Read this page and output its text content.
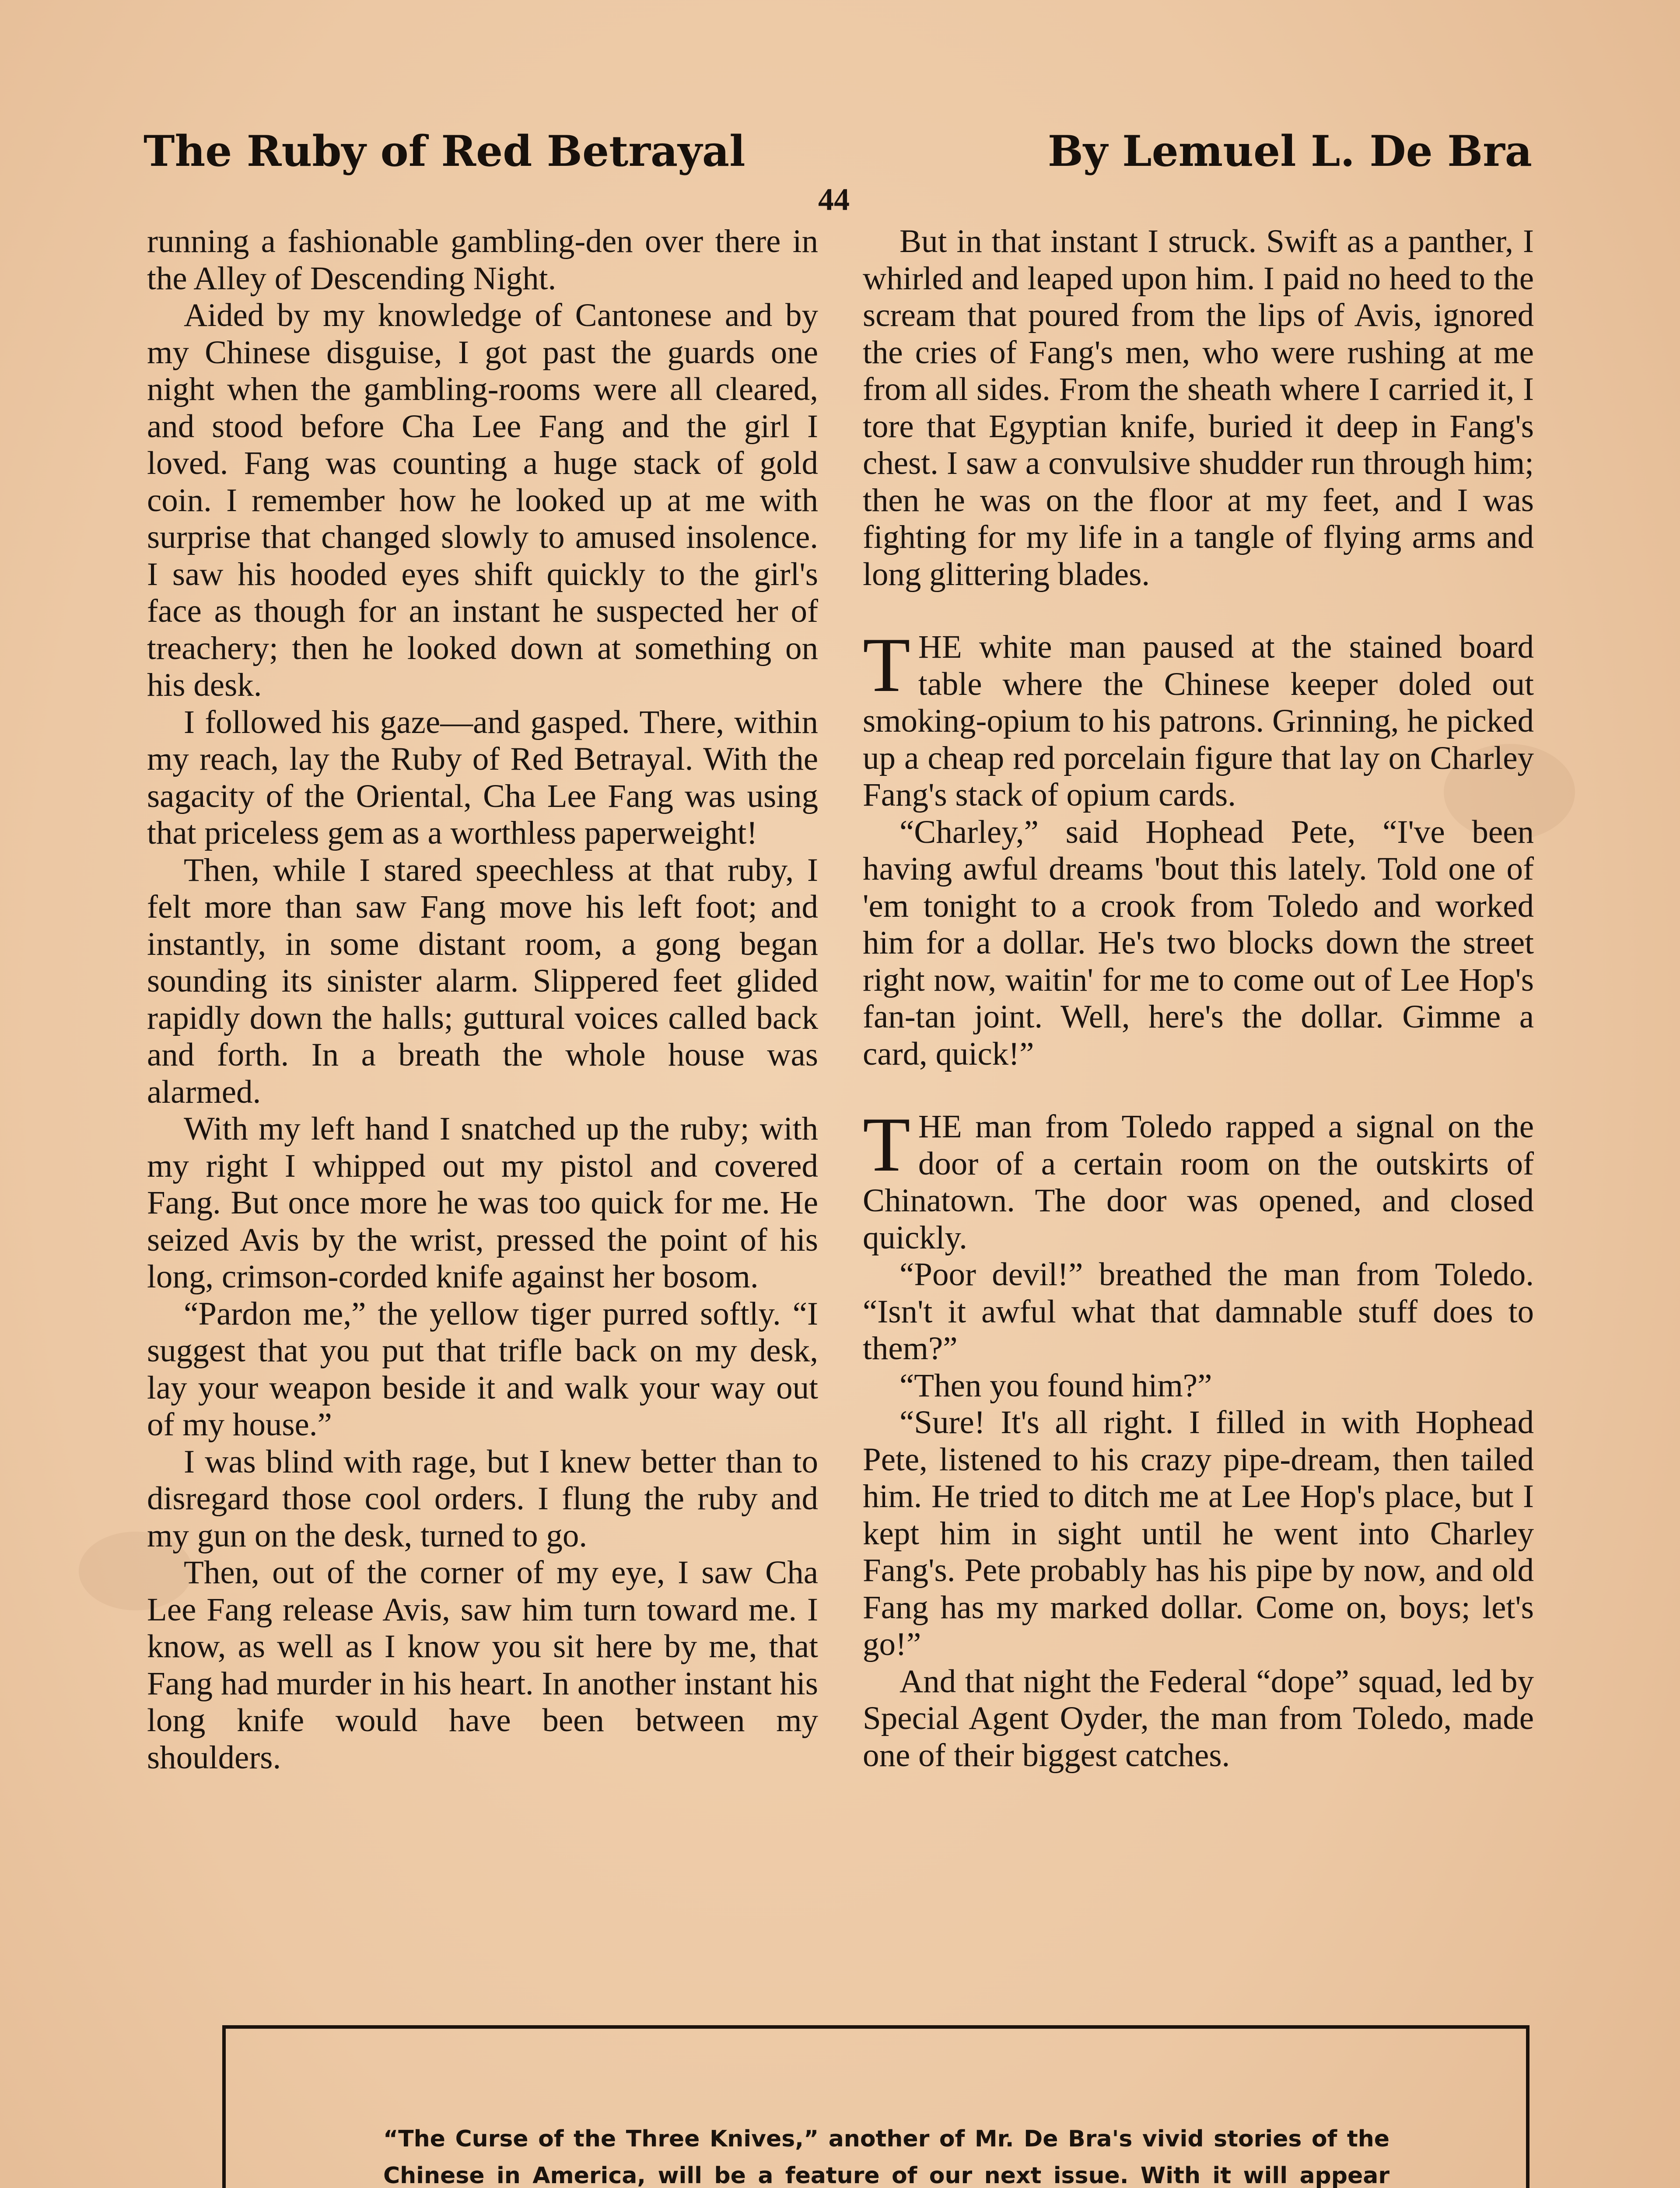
The Ruby of Red Betrayal	By Lemuel L. De Bra
44

running a fashionable gambling-den over there in the Alley of Descending Night.

Aided by my knowledge of Cantonese and by my Chinese disguise, I got past the guards one night when the gambling-rooms were all cleared, and stood before Cha Lee Fang and the girl I loved. Fang was counting a huge stack of gold coin. I remember how he looked up at me with surprise that changed slowly to amused insolence. I saw his hooded eyes shift quickly to the girl's face as though for an instant he suspected her of treachery; then he looked down at something on his desk.

I followed his gaze—and gasped. There, within my reach, lay the Ruby of Red Betrayal. With the sagacity of the Oriental, Cha Lee Fang was using that priceless gem as a worthless paperweight!

Then, while I stared speechless at that ruby, I felt more than saw Fang move his left foot; and instantly, in some distant room, a gong began sounding its sinister alarm. Slippered feet glided rapidly down the halls; guttural voices called back and forth. In a breath the whole house was alarmed.

With my left hand I snatched up the ruby; with my right I whipped out my pistol and covered Fang. But once more he was too quick for me. He seized Avis by the wrist, pressed the point of his long, crimson-corded knife against her bosom.

“Pardon me,” the yellow tiger purred softly. “I suggest that you put that trifle back on my desk, lay your weapon beside it and walk your way out of my house.”

I was blind with rage, but I knew better than to disregard those cool orders. I flung the ruby and my gun on the desk, turned to go.

Then, out of the corner of my eye, I saw Cha Lee Fang release Avis, saw him turn toward me. I know, as well as I know you sit here by me, that Fang had murder in his heart. In another instant his long knife would have been between my shoulders.

But in that instant I struck. Swift as a panther, I whirled and leaped upon him. I paid no heed to the scream that poured from the lips of Avis, ignored the cries of Fang's men, who were rushing at me from all sides. From the sheath where I carried it, I tore that Egyptian knife, buried it deep in Fang's chest. I saw a convulsive shudder run through him; then he was on the floor at my feet, and I was fighting for my life in a tangle of flying arms and long glittering blades.

THE white man paused at the stained board table where the Chinese keeper doled out smoking-opium to his patrons. Grinning, he picked up a cheap red porcelain figure that lay on Charley Fang's stack of opium cards.

“Charley,” said Hophead Pete, “I've been having awful dreams 'bout this lately. Told one of 'em tonight to a crook from Toledo and worked him for a dollar. He's two blocks down the street right now, waitin' for me to come out of Lee Hop's fan-tan joint. Well, here's the dollar. Gimme a card, quick!”

THE man from Toledo rapped a signal on the door of a certain room on the outskirts of Chinatown. The door was opened, and closed quickly.

“Poor devil!” breathed the man from Toledo. “Isn't it awful what that damnable stuff does to them?”

“Then you found him?”

“Sure! It's all right. I filled in with Hophead Pete, listened to his crazy pipe-dream, then tailed him. He tried to ditch me at Lee Hop's place, but I kept him in sight until he went into Charley Fang's. Pete probably has his pipe by now, and old Fang has my marked dollar. Come on, boys; let's go!”

And that night the Federal “dope” squad, led by Special Agent Oyder, the man from Toledo, made one of their biggest catches.

“The Curse of the Three Knives,” another of Mr. De Bra's vivid stories of the Chinese in America, will be a feature of our next issue. With it will appear
